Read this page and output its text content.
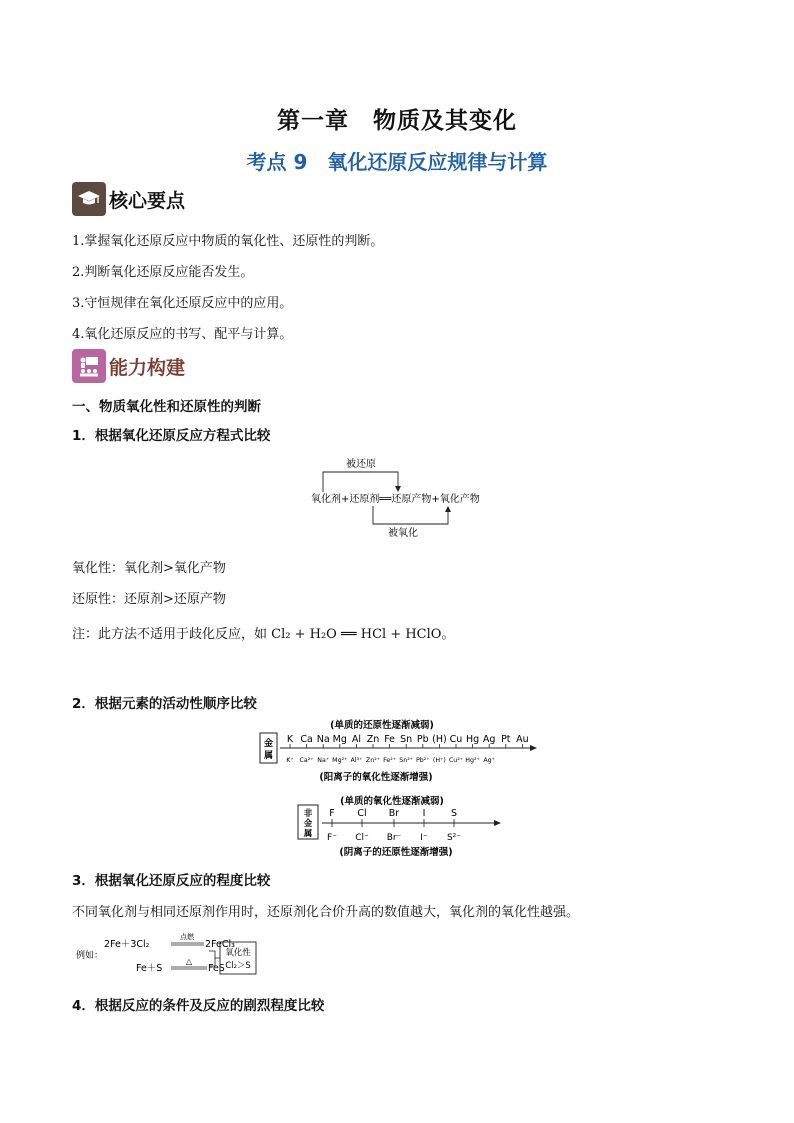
第一章　物质及其变化
考点 9　氧化还原反应规律与计算
核心要点
1.掌握氧化还原反应中物质的氧化性、还原性的判断。
2.判断氧化还原反应能否发生。
3.守恒规律在氧化还原反应中的应用。
4.氧化还原反应的书写、配平与计算。
能力构建
一、物质氧化性和还原性的判断
1．根据氧化还原反应方程式比较
被还原
氧化剂+还原剂══还原产物+氧化产物
被氧化
氧化性：氧化剂>氧化产物
还原性：还原剂>还原产物
注：此方法不适用于歧化反应，如 Cl₂ + H₂O ══ HCl + HClO。
2．根据元素的活动性顺序比较
(单质的还原性逐渐减弱)
金
属
K Ca Na Mg Al Zn Fe Sn Pb (H) Cu Hg Ag Pt Au
K⁺ Ca²⁺ Na⁺ Mg²⁺ Al³⁺ Zn²⁺ Fe²⁺ Sn²⁺ Pb²⁺ (H⁺) Cu²⁺ Hg²⁺ Ag⁺
(阳离子的氧化性逐渐增强)
(单质的氧化性逐渐减弱)
非
金
属
F Cl Br I	S
F⁻ Cl⁻ Br⁻ I⁻ S²⁻
(阴离子的还原性逐渐增强)
3．根据氧化还原反应的程度比较
不同氧化剂与相同还原剂作用时，还原剂化合价升高的数值越大，氧化剂的氧化性越强。
例如：
2Fe＋3Cl₂
点燃
2FeCl₃
Fe＋S
△
FeS
氧化性
Cl₂＞S
4．根据反应的条件及反应的剧烈程度比较
